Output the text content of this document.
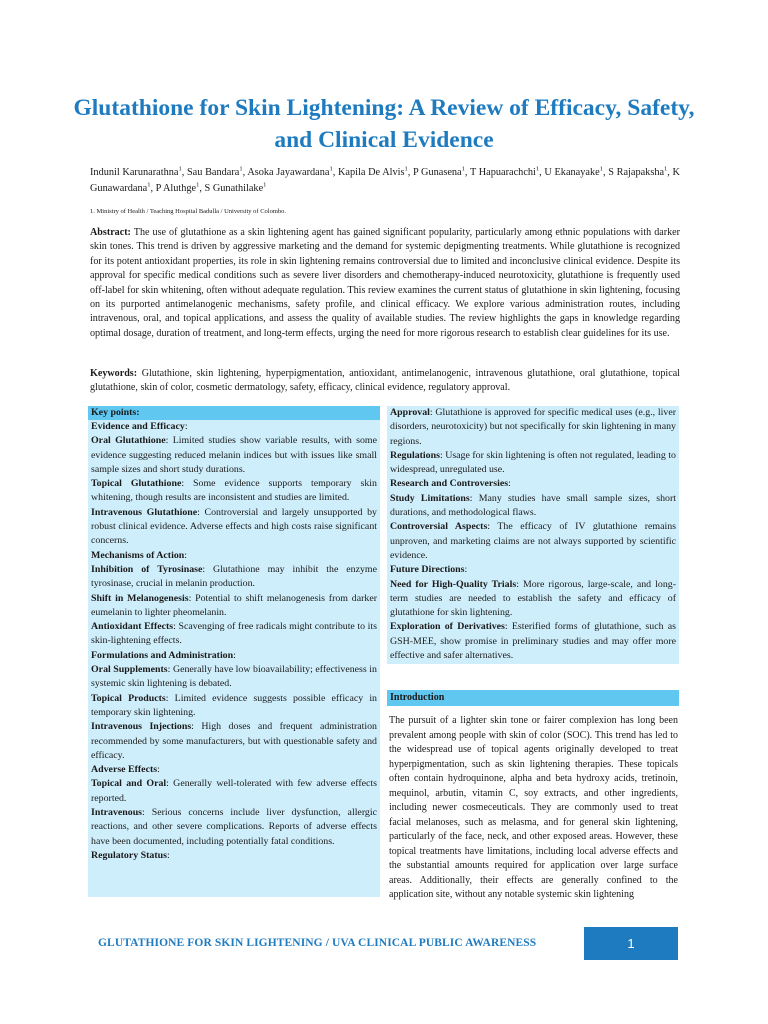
Glutathione for Skin Lightening: A Review of Efficacy, Safety, and Clinical Evidence
Indunil Karunarathna$^1$, Sau Bandara$^1$, Asoka Jayawardana$^1$, Kapila De Alvis$^1$, P Gunasena$^1$, T Hapuarachchi$^1$, U Ekanayake$^1$, S Rajapaksha$^1$, K Gunawardana$^1$, P Aluthge$^1$, S Gunathilake$^1$
1. Ministry of Health / Teaching Hospital Badulla / University of Colombo.

Abstract: The use of glutathione as a skin lightening agent has gained significant popularity, particularly among ethnic populations with darker skin tones. This trend is driven by aggressive marketing and the demand for systemic depigmenting treatments. While glutathione is recognized for its potent antioxidant properties, its role in skin lightening remains controversial due to limited and inconclusive clinical evidence. Despite its approval for specific medical conditions such as severe liver disorders and chemotherapy-induced neurotoxicity, glutathione is frequently used off-label for skin whitening, often without adequate regulation. This review examines the current status of glutathione in skin lightening, focusing on its purported antimelanogenic mechanisms, safety profile, and clinical efficacy. We explore various administration routes, including intravenous, oral, and topical applications, and assess the quality of available studies. The review highlights the gaps in knowledge regarding optimal dosage, duration of treatment, and long-term effects, urging the need for more rigorous research to establish clear guidelines for its use.

Keywords: Glutathione, skin lightening, hyperpigmentation, antioxidant, antimelanogenic, intravenous glutathione, oral glutathione, topical glutathione, skin of color, cosmetic dermatology, safety, efficacy, clinical evidence, regulatory approval.

Key points:
Evidence and Efficacy:
Oral Glutathione: Limited studies show variable results, with some evidence suggesting reduced melanin indices but with issues like small sample sizes and short study durations.
Topical Glutathione: Some evidence supports temporary skin whitening, though results are inconsistent and studies are limited.
Intravenous Glutathione: Controversial and largely unsupported by robust clinical evidence. Adverse effects and high costs raise significant concerns.
Mechanisms of Action:
Inhibition of Tyrosinase: Glutathione may inhibit the enzyme tyrosinase, crucial in melanin production.
Shift in Melanogenesis: Potential to shift melanogenesis from darker eumelanin to lighter pheomelanin.
Antioxidant Effects: Scavenging of free radicals might contribute to its skin-lightening effects.
Formulations and Administration:
Oral Supplements: Generally have low bioavailability; effectiveness in systemic skin lightening is debated.
Topical Products: Limited evidence suggests possible efficacy in temporary skin lightening.
Intravenous Injections: High doses and frequent administration recommended by some manufacturers, but with questionable safety and efficacy.
Adverse Effects:
Topical and Oral: Generally well-tolerated with few adverse effects reported.
Intravenous: Serious concerns include liver dysfunction, allergic reactions, and other severe complications. Reports of adverse effects have been documented, including potentially fatal conditions.
Regulatory Status:
Approval: Glutathione is approved for specific medical uses (e.g., liver disorders, neurotoxicity) but not specifically for skin lightening in many regions.
Regulations: Usage for skin lightening is often not regulated, leading to widespread, unregulated use.
Research and Controversies:
Study Limitations: Many studies have small sample sizes, short durations, and methodological flaws.
Controversial Aspects: The efficacy of IV glutathione remains unproven, and marketing claims are not always supported by scientific evidence.
Future Directions:
Need for High-Quality Trials: More rigorous, large-scale, and long-term studies are needed to establish the safety and efficacy of glutathione for skin lightening.
Exploration of Derivatives: Esterified forms of glutathione, such as GSH-MEE, show promise in preliminary studies and may offer more effective and safer alternatives.
Introduction

The pursuit of a lighter skin tone or fairer complexion has long been prevalent among people with skin of color (SOC). This trend has led to the widespread use of topical agents originally developed to treat hyperpigmentation, such as skin lightening therapies. These topicals often contain hydroquinone, alpha and beta hydroxy acids, tretinoin, mequinol, arbutin, vitamin C, soy extracts, and other ingredients, including newer cosmeceuticals. They are commonly used to treat facial melanoses, such as melasma, and for general skin lightening, particularly of the face, neck, and other exposed areas. However, these topical treatments have limitations, including local adverse effects and the substantial amounts required for application over large surface areas. Additionally, their effects are generally confined to the application site, without any notable systemic skin lightening

GLUTATHIONE FOR SKIN LIGHTENING / UVA CLINICAL PUBLIC AWARENESS	1
